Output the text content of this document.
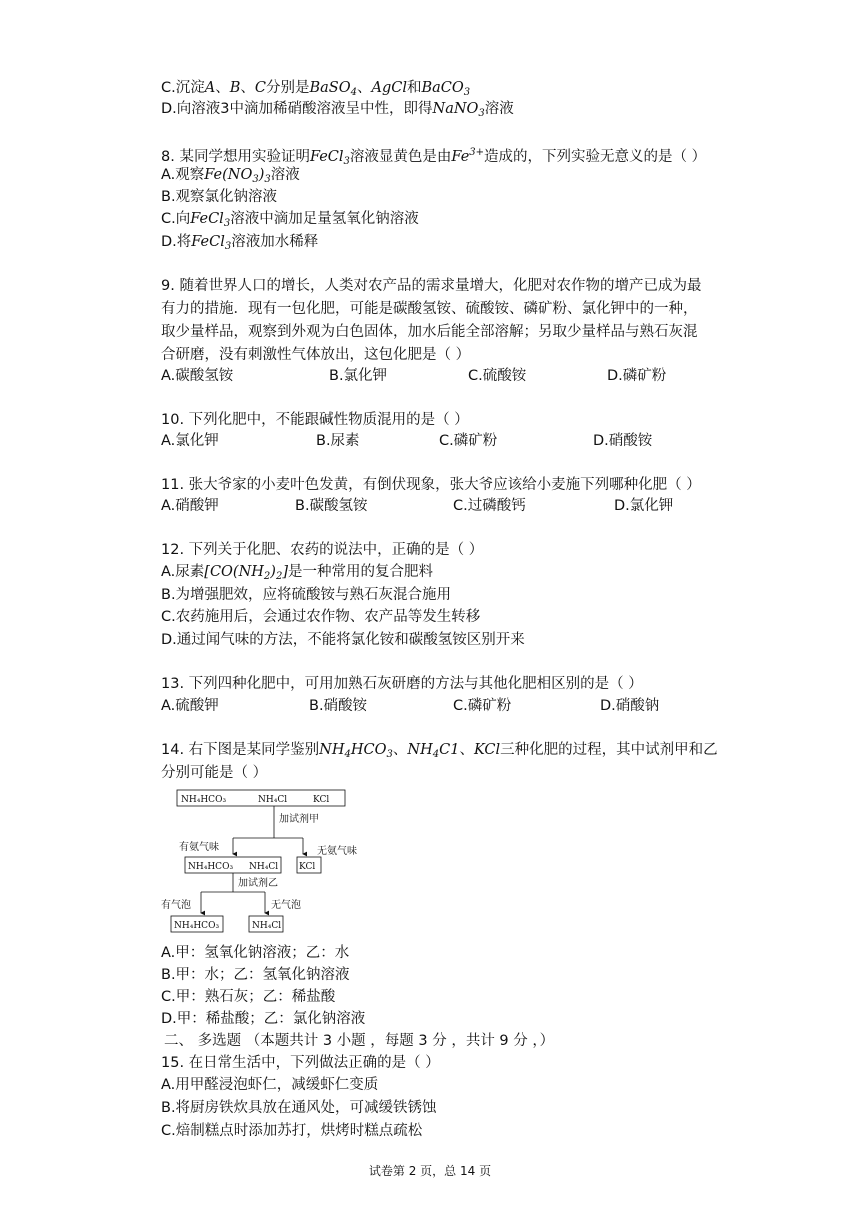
C.沉淀A、B、C分别是BaSO$_4$、AgCl和BaCO$_3$
D.向溶液3中滴加稀硝酸溶液呈中性，即得NaNO$_3$溶液
8. 某同学想用实验证明FeCl$_3$溶液显黄色是由$Fe^{3+}$造成的，下列实验无意义的是（ ）
A.观察$Fe(NO_3)_3$溶液
B.观察氯化钠溶液
C.向FeCl$_3$溶液中滴加足量氢氧化钠溶液
D.将FeCl$_3$溶液加水稀释
9. 随着世界人口的增长，人类对农产品的需求量增大，化肥对农作物的增产已成为最
有力的措施．现有一包化肥，可能是碳酸氢铵、硫酸铵、磷矿粉、氯化钾中的一种，
取少量样品，观察到外观为白色固体，加水后能全部溶解；另取少量样品与熟石灰混
合研磨，没有刺激性气体放出，这包化肥是（ ）
A.碳酸氢铵	B.氯化钾	C.硫酸铵	D.磷矿粉
10. 下列化肥中，不能跟碱性物质混用的是（ ）
A.氯化钾	B.尿素	C.磷矿粉	D.硝酸铵
11. 张大爷家的小麦叶色发黄，有倒伏现象，张大爷应该给小麦施下列哪种化肥（ ）
A.硝酸钾	B.碳酸氢铵	C.过磷酸钙	D.氯化钾
12. 下列关于化肥、农药的说法中，正确的是（ ）
A.尿素$[CO(NH_2)_2]$是一种常用的复合肥料
B.为增强肥效，应将硫酸铵与熟石灰混合施用
C.农药施用后，会通过农作物、农产品等发生转移
D.通过闻气味的方法，不能将氯化铵和碳酸氢铵区别开来
13. 下列四种化肥中，可用加熟石灰研磨的方法与其他化肥相区别的是（ ）
A.硫酸钾	B.硝酸铵	C.磷矿粉	D.硝酸钠
14. 右下图是某同学鉴别$NH_4HCO_3$、$NH_4C1$、KCl三种化肥的过程，其中试剂甲和乙
分别可能是（ ）
NH₄HCO₃	NH₄Cl	KCl
加试剂甲
有氨气味	无氨气味
NH₄HCO₃ NH₄Cl KCl
加试剂乙
有气泡	无气泡
NH₄HCO₃	NH₄Cl
A.甲：氢氧化钠溶液；乙：水
B.甲：水；乙：氢氧化钠溶液
C.甲：熟石灰；乙：稀盐酸
D.甲：稀盐酸；乙：氯化钠溶液
二、 多选题 （本题共计 3 小题 ，每题 3 分 ，共计 9 分 ，）
15. 在日常生活中，下列做法正确的是（ ）
A.用甲醛浸泡虾仁，减缓虾仁变质
B.将厨房铁炊具放在通风处，可减缓铁锈蚀
C.焙制糕点时添加苏打，烘烤时糕点疏松
试卷第 2 页，总 14 页
